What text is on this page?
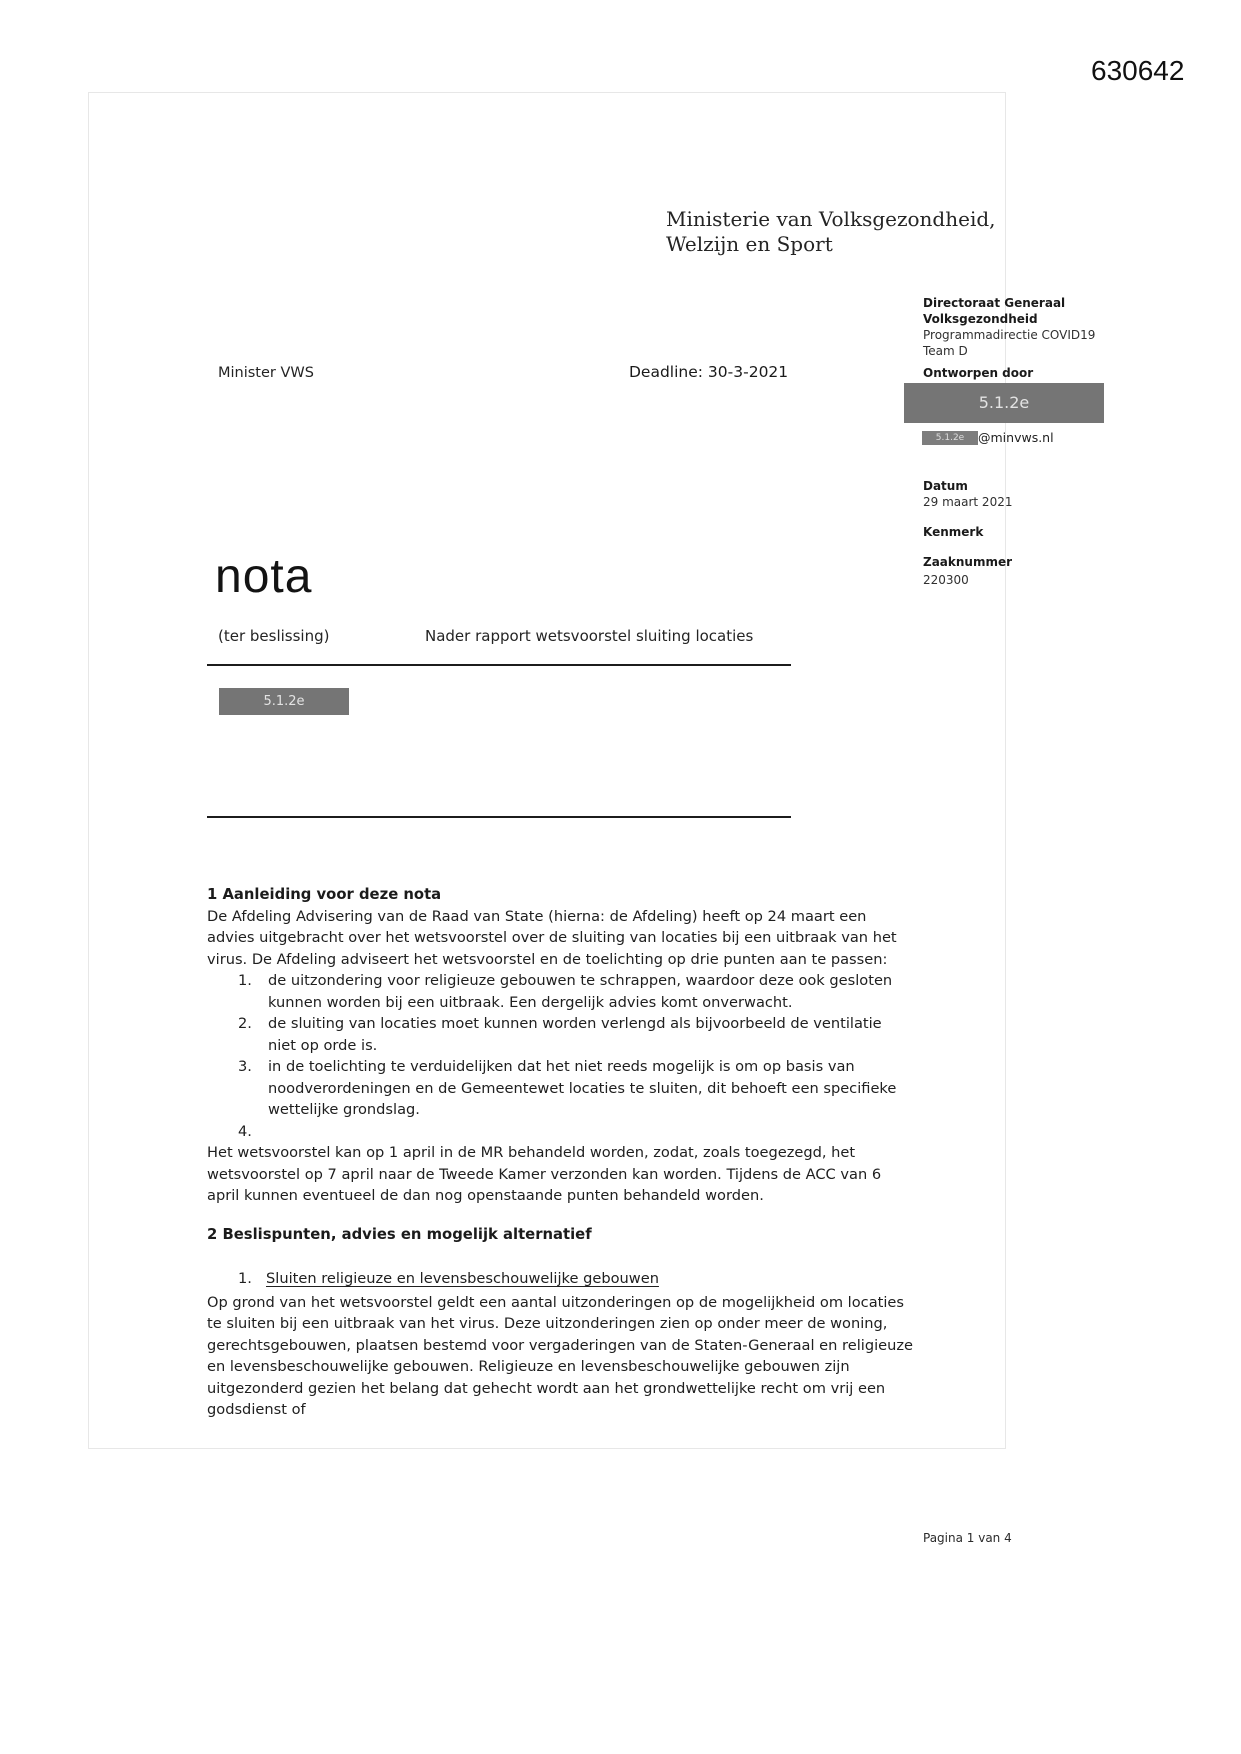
630642
Ministerie van Volksgezondheid,
Welzijn en Sport
Minister VWS	Deadline: 30-3-2021
Directoraat Generaal
Volksgezondheid
Programmadirectie COVID19
Team D
Ontworpen door
5.1.2e
5.1.2e @minvws.nl
Datum
29 maart 2021
Kenmerk
Zaaknummer
220300
nota
(ter beslissing)	Nader rapport wetsvoorstel sluiting locaties
5.1.2e
1 Aanleiding voor deze nota

De Afdeling Advisering van de Raad van State (hierna: de Afdeling) heeft op 24 maart een advies uitgebracht over het wetsvoorstel over de sluiting van locaties bij een uitbraak van het virus. De Afdeling adviseert het wetsvoorstel en de toelichting op drie punten aan te passen:

1.	de uitzondering voor religieuze gebouwen te schrappen, waardoor deze ook gesloten kunnen worden bij een uitbraak. Een dergelijk advies komt onverwacht.
2.	de sluiting van locaties moet kunnen worden verlengd als bijvoorbeeld de ventilatie niet op orde is.
3.	in de toelichting te verduidelijken dat het niet reeds mogelijk is om op basis van noodverordeningen en de Gemeentewet locaties te sluiten, dit behoeft een specifieke wettelijke grondslag.
4.

Het wetsvoorstel kan op 1 april in de MR behandeld worden, zodat, zoals toegezegd, het wetsvoorstel op 7 april naar de Tweede Kamer verzonden kan worden. Tijdens de ACC van 6 april kunnen eventueel de dan nog openstaande punten behandeld worden.

2 Beslispunten, advies en mogelijk alternatief
1. Sluiten religieuze en levensbeschouwelijke gebouwen

Op grond van het wetsvoorstel geldt een aantal uitzonderingen op de mogelijkheid om locaties te sluiten bij een uitbraak van het virus. Deze uitzonderingen zien op onder meer de woning, gerechtsgebouwen, plaatsen bestemd voor vergaderingen van de Staten-Generaal en religieuze en levensbeschouwelijke gebouwen. Religieuze en levensbeschouwelijke gebouwen zijn uitgezonderd gezien het belang dat gehecht wordt aan het grondwettelijke recht om vrij een godsdienst of

Pagina 1 van 4
